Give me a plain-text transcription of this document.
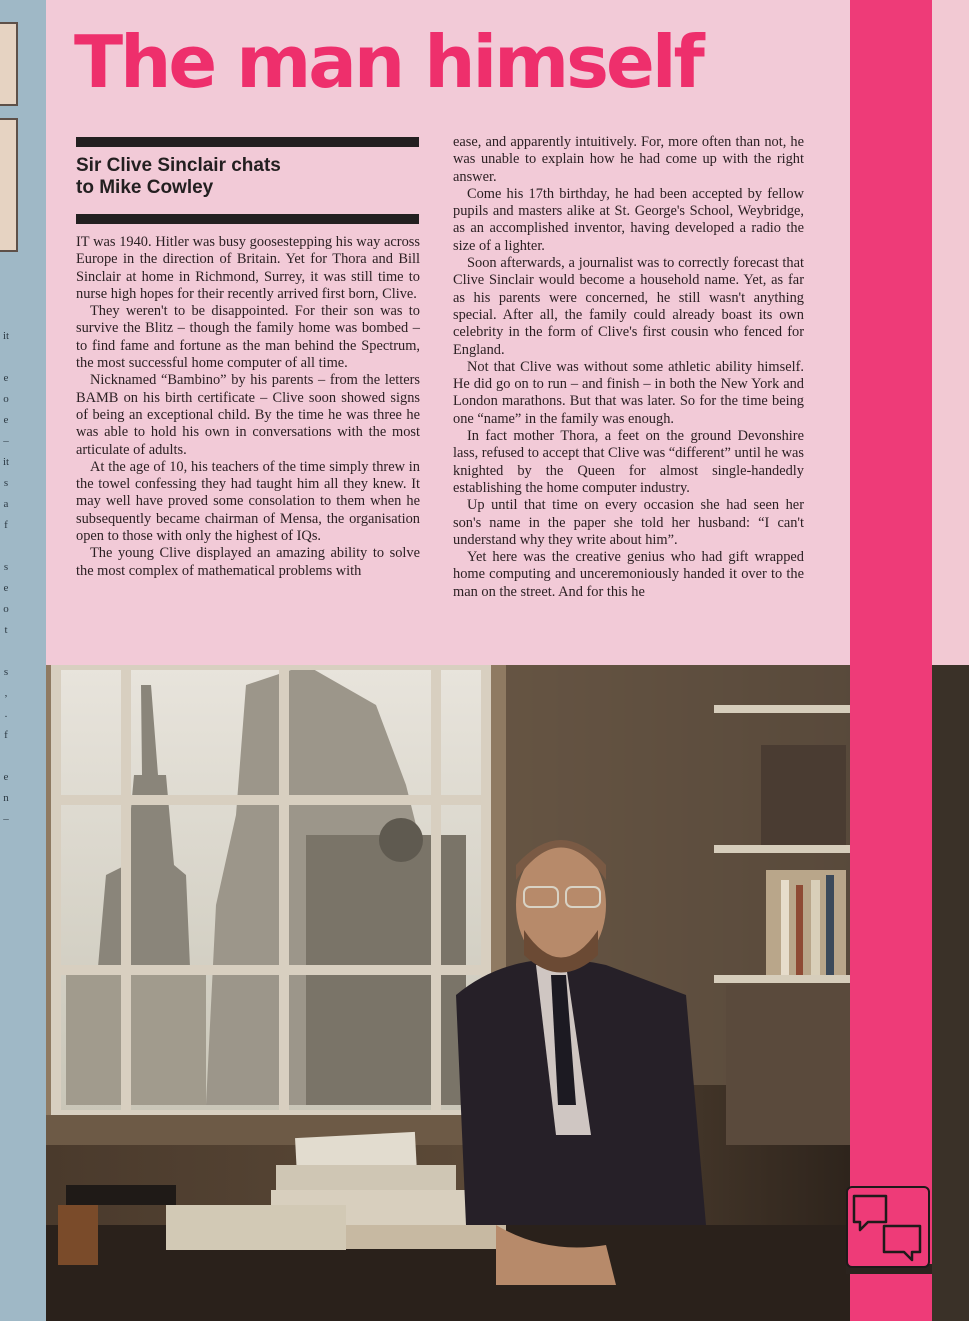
it
e
o
e
–
it
s
a
f
s
e
o
t
s
,
.
f
e
n
–
The man himself
Sir Clive Sinclair chats
to Mike Cowley

IT was 1940. Hitler was busy goosestepping his way across Europe in the direction of Britain. Yet for Thora and Bill Sinclair at home in Richmond, Surrey, it was still time to nurse high hopes for their recently arrived first born, Clive.

They weren't to be disappointed. For their son was to survive the Blitz – though the family home was bombed – to find fame and fortune as the man behind the Spectrum, the most successful home computer of all time.

Nicknamed “Bambino” by his parents – from the letters BAMB on his birth certificate – Clive soon showed signs of being an exceptional child. By the time he was three he was able to hold his own in conversations with the most articulate of adults.

At the age of 10, his teachers of the time simply threw in the towel confessing they had taught him all they knew. It may well have proved some consolation to them when he subsequently became chairman of Mensa, the organisation open to those with only the highest of IQs.

The young Clive displayed an amazing ability to solve the most complex of mathematical problems with

ease, and apparently intuitively. For, more often than not, he was unable to explain how he had come up with the right answer.

Come his 17th birthday, he had been accepted by fellow pupils and masters alike at St. George's School, Weybridge, as an accomplished inventor, having developed a radio the size of a lighter.

Soon afterwards, a journalist was to correctly forecast that Clive Sinclair would become a household name. Yet, as far as his parents were concerned, he still wasn't anything special. After all, the family could already boast its own celebrity in the form of Clive's first cousin who fenced for England.

Not that Clive was without some athletic ability himself. He did go on to run – and finish – in both the New York and London marathons. But that was later. So for the time being one “name” in the family was enough.

In fact mother Thora, a feet on the ground Devonshire lass, refused to accept that Clive was “different” until he was knighted by the Queen for almost single-handedly establishing the home computer industry.

Up until that time on every occasion she had seen her son's name in the paper she told her husband: “I can't understand why they write about him”.

Yet here was the creative genius who had gift wrapped home computing and unceremoniously handed it over to the man on the street. And for this he
